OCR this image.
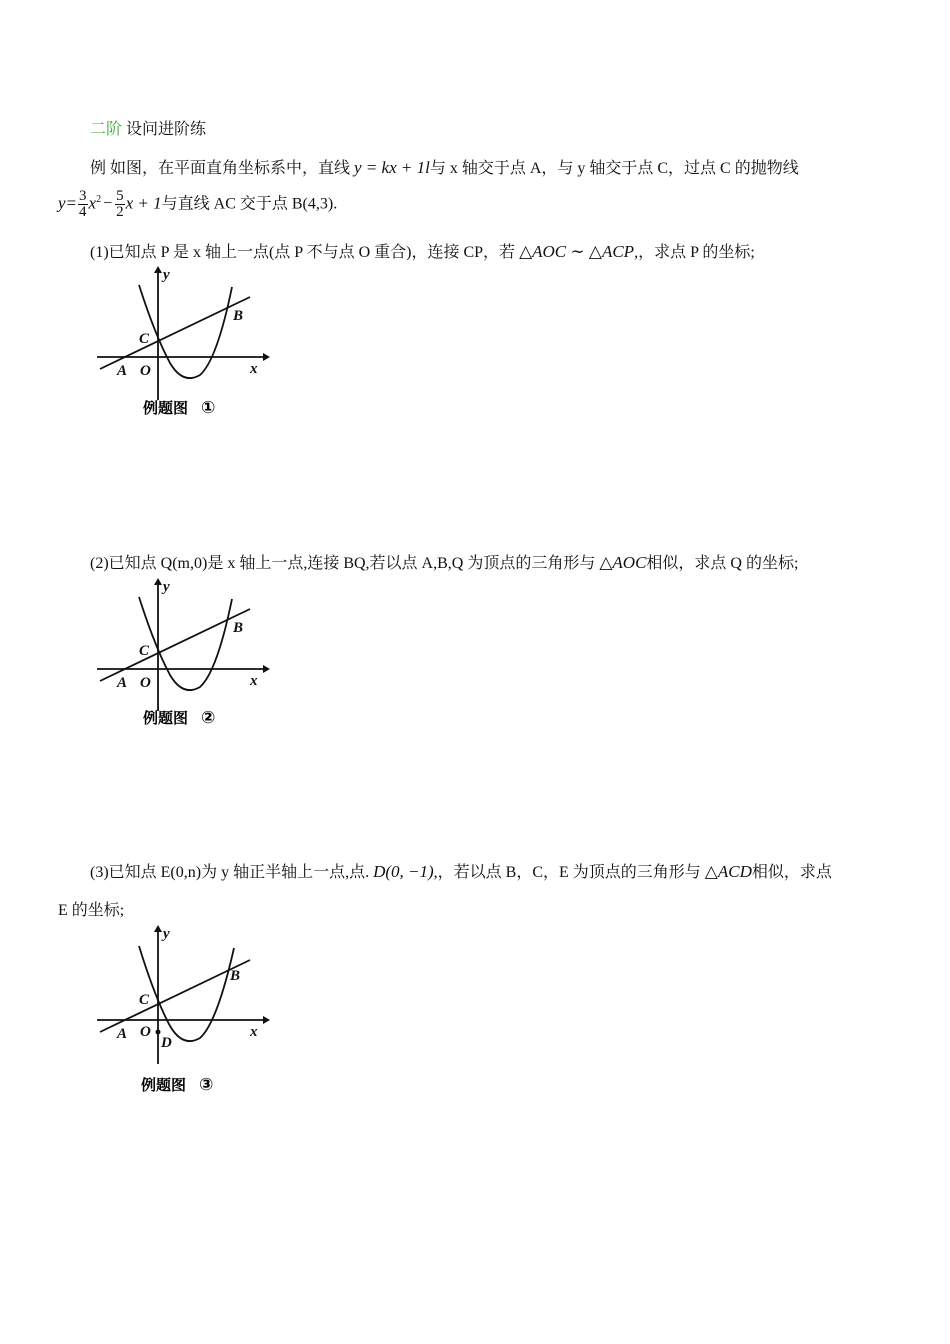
二阶 设问进阶练
例 如图，在平面直角坐标系中，直线 y = kx + 1l与 x 轴交于点 A，与 y 轴交于点 C，过点 C 的抛物线
$y= \frac{3}{4} x^2 - \frac{5}{2}$ x + 1与直线 AC 交于点 B(4,3).
(1)已知点 P 是 x 轴上一点(点 P 不与点 O 重合)，连接 CP，若 △AOC ∼ △ACP,，求点 P 的坐标;
y
x
A O
C
B
例题图 ①
(2)已知点 Q(m,0)是 x 轴上一点,连接 BQ,若以点 A,B,Q 为顶点的三角形与 △AOC相似，求点 Q 的坐标;
y
x
A O
C
B
例题图 ②
(3)已知点 E(0,n)为 y 轴正半轴上一点,点. D(0, −1),，若以点 B，C，E 为顶点的三角形与 △ACD相似，求点
E 的坐标;
y
x
A O
C
B
D
例题图 ③
